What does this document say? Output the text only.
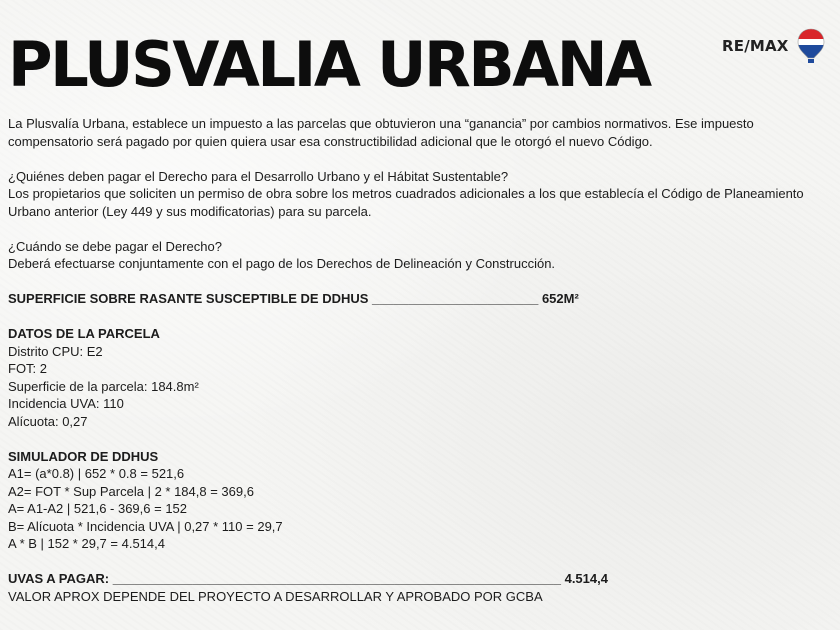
PLUSVALIA URBANA	RE/MAX
La Plusvalía Urbana, establece un impuesto a las parcelas que obtuvieron una “ganancia” por cambios normativos. Ese impuesto
compensatorio será pagado por quien quiera usar esa constructibilidad adicional que le otorgó el nuevo Código.
¿Quiénes deben pagar el Derecho para el Desarrollo Urbano y el Hábitat Sustentable?
Los propietarios que soliciten un permiso de obra sobre los metros cuadrados adicionales a los que establecía el Código de Planeamiento
Urbano anterior (Ley 449 y sus modificatorias) para su parcela.
¿Cuándo se debe pagar el Derecho?
Deberá efectuarse conjuntamente con el pago de los Derechos de Delineación y Construcción.
SUPERFICIE SOBRE RASANTE SUSCEPTIBLE DE DDHUS _______________________ 652M²
DATOS DE LA PARCELA
Distrito CPU: E2
FOT: 2
Superficie de la parcela: 184.8m²
Incidencia UVA: 110
Alícuota: 0,27
SIMULADOR DE DDHUS
A1= (a*0.8) | 652 * 0.8 = 521,6
A2= FOT * Sup Parcela | 2 * 184,8 = 369,6
A= A1-A2 | 521,6 - 369,6 = 152
B= Alícuota * Incidencia UVA | 0,27 * 110 = 29,7
A * B | 152 * 29,7 = 4.514,4
UVAS A PAGAR: ______________________________________________________________ 4.514,4
VALOR APROX DEPENDE DEL PROYECTO A DESARROLLAR Y APROBADO POR GCBA
